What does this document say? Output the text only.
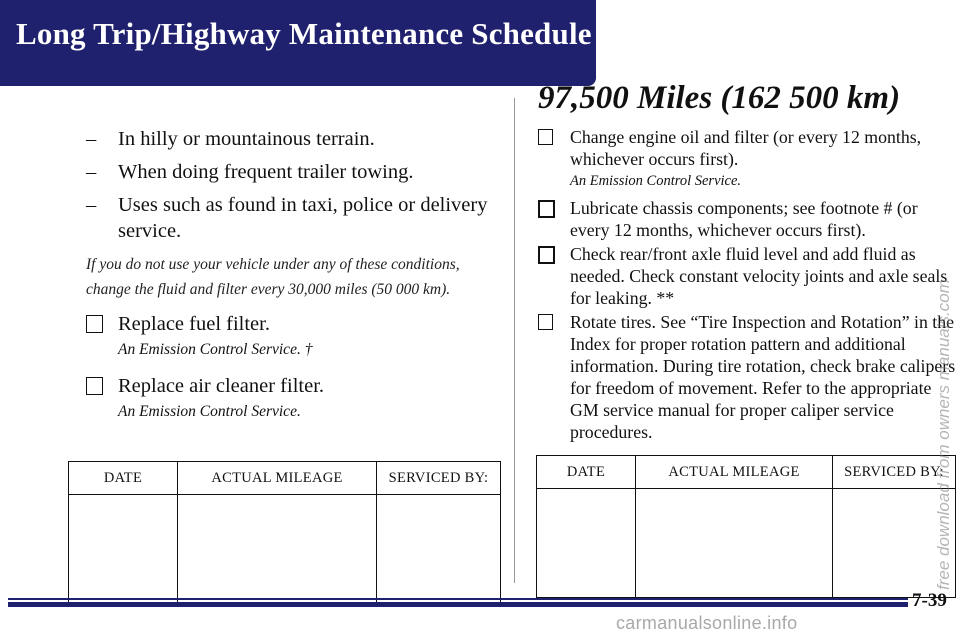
Long Trip/Highway Maintenance Schedule
– In hilly or mountainous terrain.
– When doing frequent trailer towing.
– Uses such as found in taxi, police or delivery service.
If you do not use your vehicle under any of these conditions, change the fluid and filter every 30,000 miles (50 000 km).
Replace fuel filter.
An Emission Control Service. †
Replace air cleaner filter.
An Emission Control Service.
DATE	ACTUAL MILEAGE	SERVICED BY:

97,500 Miles (162 500 km)
Change engine oil and filter (or every 12 months, whichever occurs first).
An Emission Control Service.
Lubricate chassis components; see footnote # (or every 12 months, whichever occurs first).
Check rear/front axle fluid level and add fluid as needed. Check constant velocity joints and axle seals for leaking. **
Rotate tires. See “Tire Inspection and Rotation” in the Index for proper rotation pattern and additional information. During tire rotation, check brake calipers for freedom of movement. Refer to the appropriate GM service manual for proper caliper service procedures.
DATE	ACTUAL MILEAGE	SERVICED BY:

7-39
free download from owners manuals.com
carmanualsonline.info
